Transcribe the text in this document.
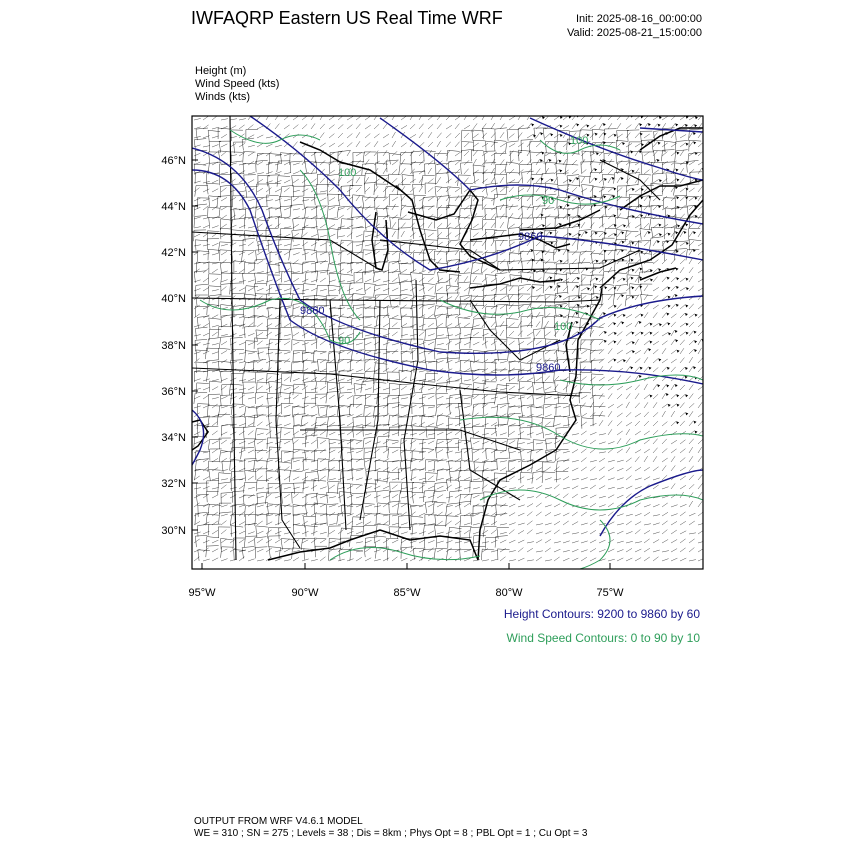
IWFAQRP Eastern US Real Time WRF	Init: 2025-08-16_00:00:00
Valid: 2025-08-21_15:00:00
Height (m)
Wind Speed (kts)
Winds (kts)
9860
9860
9860
100
90
90
100
100
46°N
44°N
42°N
40°N
38°N
36°N
34°N
32°N
30°N
95°W	90°W	85°W	80°W	75°W
Height Contours: 9200 to 9860 by 60
Wind Speed Contours: 0 to 90 by 10
OUTPUT FROM WRF V4.6.1 MODEL
WE = 310 ; SN = 275 ; Levels = 38 ; Dis = 8km ; Phys Opt = 8 ; PBL Opt = 1 ; Cu Opt = 3
